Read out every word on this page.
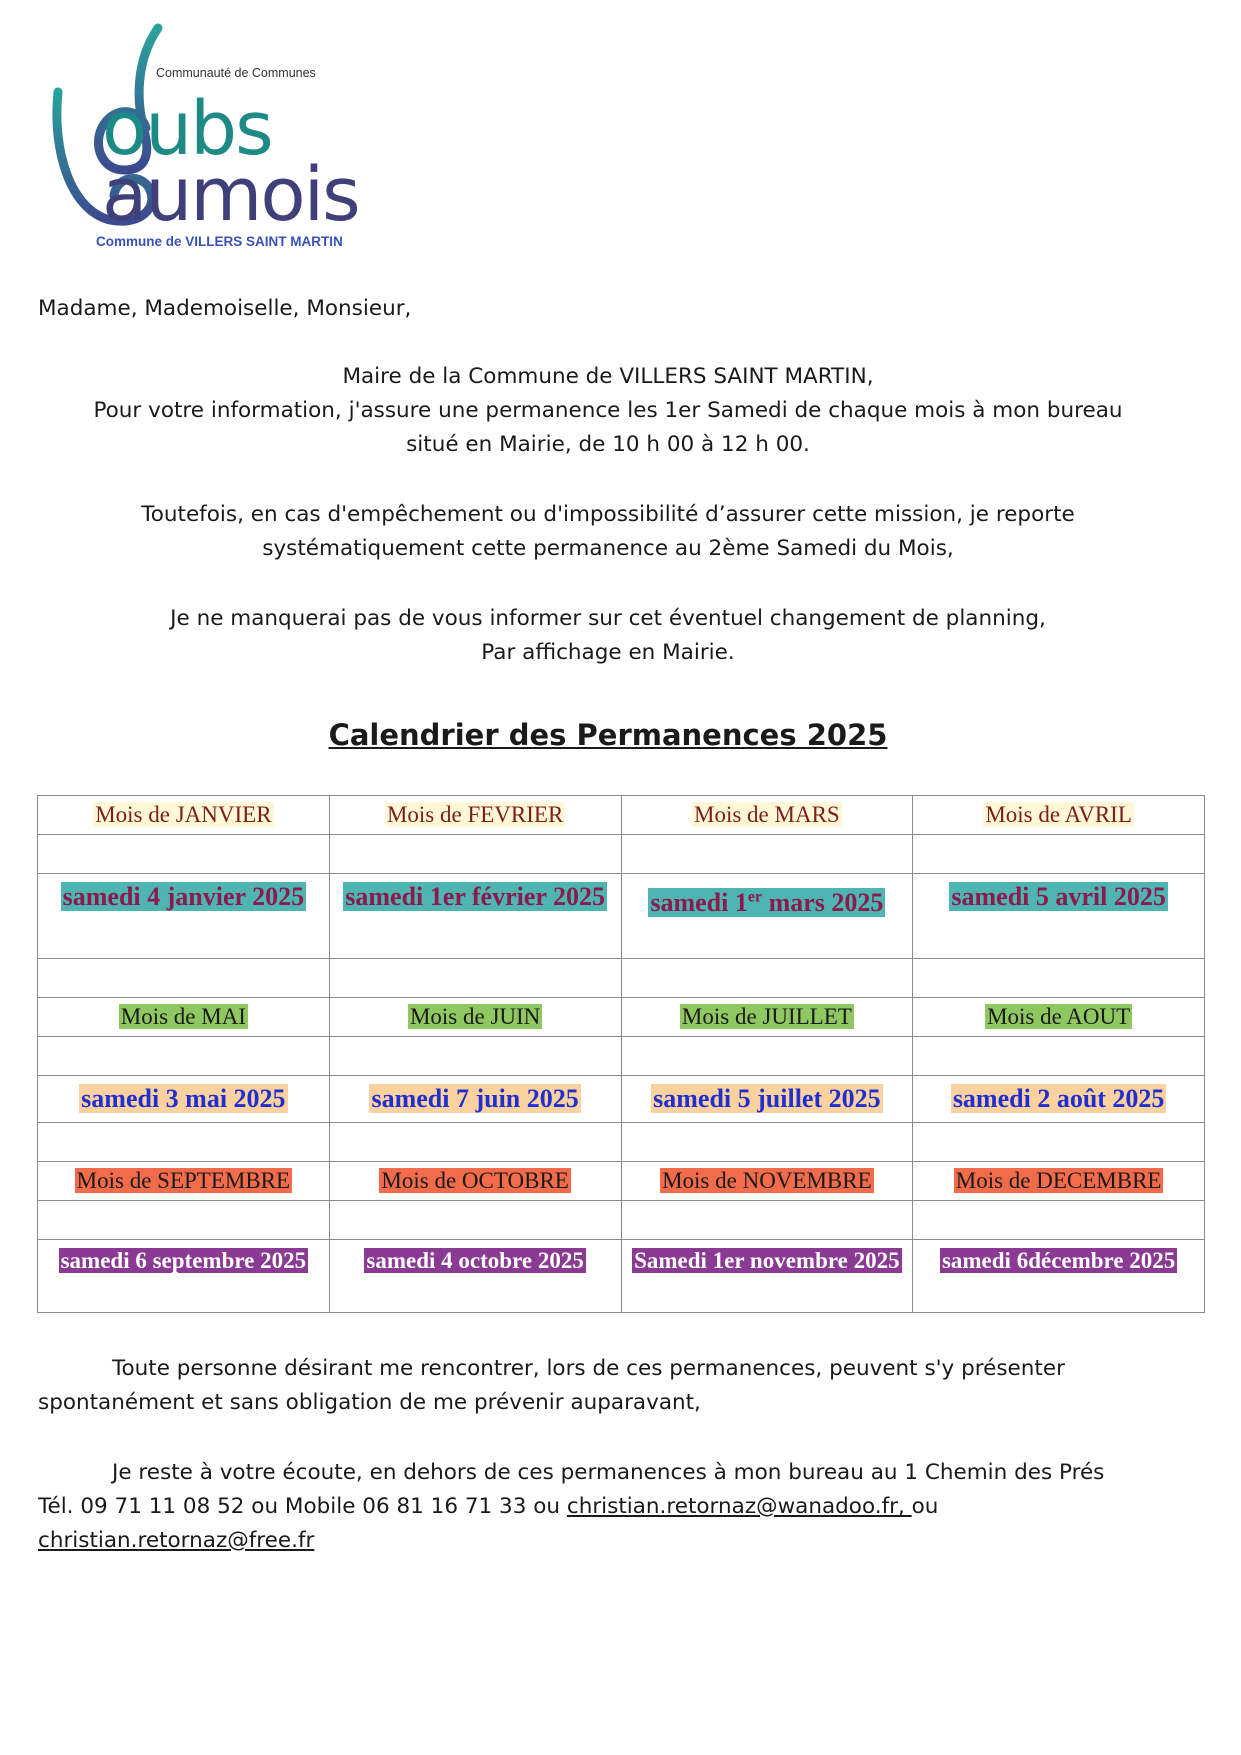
Communauté de Communes
oubs
aumois
Commune de VILLERS SAINT MARTIN
Madame, Mademoiselle, Monsieur,
Maire de la Commune de VILLERS SAINT MARTIN,
Pour votre information, j'assure une permanence les 1er Samedi de chaque mois à mon bureau
situé en Mairie, de 10 h 00 à 12 h 00.
Toutefois, en cas d'empêchement ou d'impossibilité d’assurer cette mission, je reporte
systématiquement cette permanence au 2ème Samedi du Mois,
Je ne manquerai pas de vous informer sur cet éventuel changement de planning,
Par affichage en Mairie.
Calendrier des Permanences 2025
Mois de JANVIER	Mois de FEVRIER	Mois de MARS	Mois de AVRIL

samedi 4 janvier 2025	samedi 1er février 2025	samedi 1er mars 2025	samedi 5 avril 2025

Mois de MAI	Mois de JUIN	Mois de JUILLET	Mois de AOUT

samedi 3 mai 2025	samedi 7 juin 2025	samedi 5 juillet 2025	samedi 2 août 2025

Mois de SEPTEMBRE	Mois de OCTOBRE	Mois de NOVEMBRE	Mois de DECEMBRE

samedi 6 septembre 2025	samedi 4 octobre 2025	Samedi 1er novembre 2025	samedi 6décembre 2025
Toute personne désirant me rencontrer, lors de ces permanences, peuvent s'y présenter
spontanément et sans obligation de me prévenir auparavant,
Je reste à votre écoute, en dehors de ces permanences à mon bureau au 1 Chemin des Prés
Tél. 09 71 11 08 52 ou Mobile 06 81 16 71 33 ou christian.retornaz@wanadoo.fr, ou
christian.retornaz@free.fr
